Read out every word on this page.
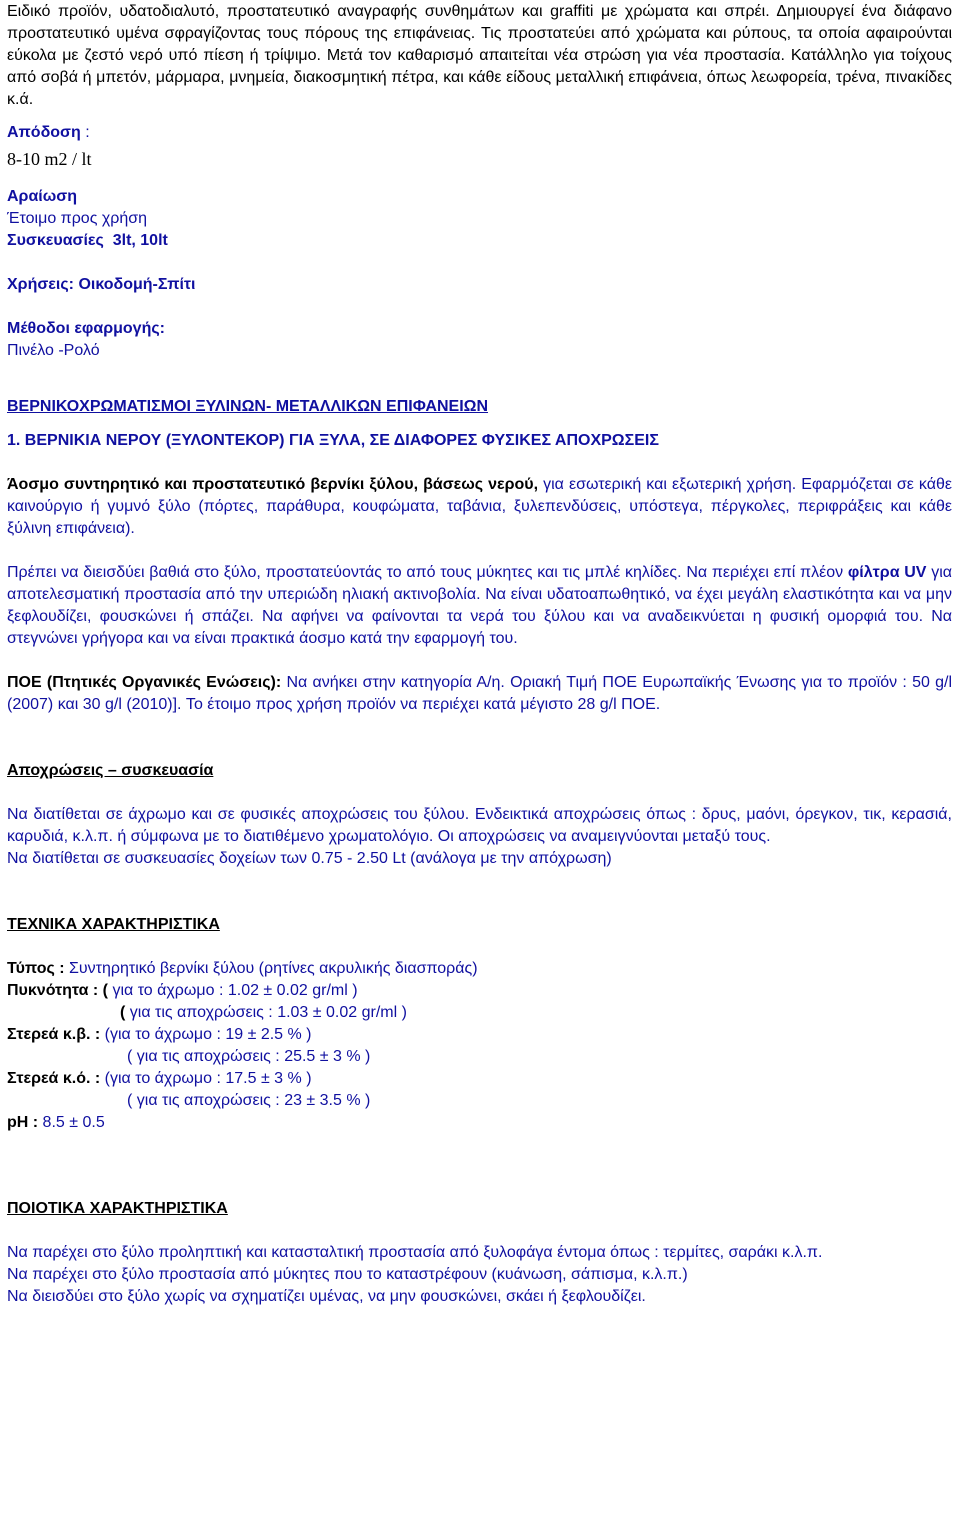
Ειδικό προϊόν, υδατοδιαλυτό, προστατευτικό αναγραφής συνθημάτων και graffiti με χρώματα και σπρέι. Δημιουργεί ένα διάφανο προστατευτικό υμένα σφραγίζοντας τους πόρους της επιφάνειας. Τις προστατεύει από χρώματα και ρύπους, τα οποία αφαιρούνται εύκολα με ζεστό νερό υπό πίεση ή τρίψιμο. Μετά τον καθαρισμό απαιτείται νέα στρώση για νέα προστασία. Κατάλληλο για τοίχους από σοβά ή μπετόν, μάρμαρα, μνημεία, διακοσμητική πέτρα, και κάθε είδους μεταλλική επιφάνεια, όπως λεωφορεία, τρένα, πινακίδες κ.ά.

Απόδοση :

8-10 m2 / lt

Αραίωση

Έτοιμο προς χρήση

Συσκευασίες 3lt, 10lt

Χρήσεις: Οικοδομή-Σπίτι

Μέθοδοι εφαρμογής:

Πινέλο -Ρολό

ΒΕΡΝΙΚΟΧΡΩΜΑΤΙΣΜΟΙ ΞΥΛΙΝΩΝ- ΜΕΤΑΛΛΙΚΩΝ ΕΠΙΦΑΝΕΙΩΝ

1. ΒΕΡΝΙΚΙΑ ΝΕΡΟΥ (ΞΥΛΟΝΤΕΚΟΡ) ΓΙΑ ΞΥΛΑ, ΣΕ ΔΙΑΦΟΡΕΣ ΦΥΣΙΚΕΣ ΑΠΟΧΡΩΣΕΙΣ

Άοσμο συντηρητικό και προστατευτικό βερνίκι ξύλου, βάσεως νερού, για εσωτερική και εξωτερική χρήση. Εφαρμόζεται σε κάθε καινούργιο ή γυμνό ξύλο (πόρτες, παράθυρα, κουφώματα, ταβάνια, ξυλεπενδύσεις, υπόστεγα, πέργκολες, περιφράξεις και κάθε ξύλινη επιφάνεια).

Πρέπει να διεισδύει βαθιά στο ξύλο, προστατεύοντάς το από τους μύκητες και τις μπλέ κηλίδες. Να περιέχει επί πλέον φίλτρα UV για αποτελεσματική προστασία από την υπεριώδη ηλιακή ακτινοβολία. Να είναι υδατοαπωθητικό, να έχει μεγάλη ελαστικότητα και να μην ξεφλουδίζει, φουσκώνει ή σπάζει. Να αφήνει να φαίνονται τα νερά του ξύλου και να αναδεικνύεται η φυσική ομορφιά του. Να στεγνώνει γρήγορα και να είναι πρακτικά άοσμο κατά την εφαρμογή του.

ΠΟΕ (Πτητικές Οργανικές Ενώσεις): Να ανήκει στην κατηγορία Α/η. Οριακή Τιμή ΠΟΕ Ευρωπαϊκής Ένωσης για το προϊόν : 50 g/l (2007) και 30 g/l (2010)]. Το έτοιμο προς χρήση προϊόν να περιέχει κατά μέγιστο 28 g/l ΠΟΕ.

Αποχρώσεις – συσκευασία

Να διατίθεται σε άχρωμο και σε φυσικές αποχρώσεις του ξύλου. Ενδεικτικά αποχρώσεις όπως : δρυς, μαόνι, όρεγκον, τικ, κερασιά, καρυδιά, κ.λ.π. ή σύμφωνα με το διατιθέμενο χρωματολόγιο. Οι αποχρώσεις να αναμειγνύονται μεταξύ τους.

Να διατίθεται σε συσκευασίες δοχείων των 0.75 - 2.50 Lt (ανάλογα με την απόχρωση)

ΤΕΧΝΙΚΑ ΧΑΡΑΚΤΗΡΙΣΤΙΚΑ

Τύπος : Συντηρητικό βερνίκι ξύλου (ρητίνες ακρυλικής διασποράς)

Πυκνότητα : ( για το άχρωμο : 1.02 ± 0.02 gr/ml )

( για τις αποχρώσεις : 1.03 ± 0.02 gr/ml )

Στερεά κ.β. : (για το άχρωμο : 19 ± 2.5 % )

( για τις αποχρώσεις : 25.5 ± 3 % )

Στερεά κ.ό. : (για το άχρωμο : 17.5 ± 3 % )

( για τις αποχρώσεις : 23 ± 3.5 % )

pH : 8.5 ± 0.5

ΠΟΙΟΤΙΚΑ ΧΑΡΑΚΤΗΡΙΣΤΙΚΑ

Να παρέχει στο ξύλο προληπτική και κατασταλτική προστασία από ξυλοφάγα έντομα όπως : τερμίτες, σαράκι κ.λ.π.

Να παρέχει στο ξύλο προστασία από μύκητες που το καταστρέφουν (κυάνωση, σάπισμα, κ.λ.π.)

Να διεισδύει στο ξύλο χωρίς να σχηματίζει υμένας, να μην φουσκώνει, σκάει ή ξεφλουδίζει.
